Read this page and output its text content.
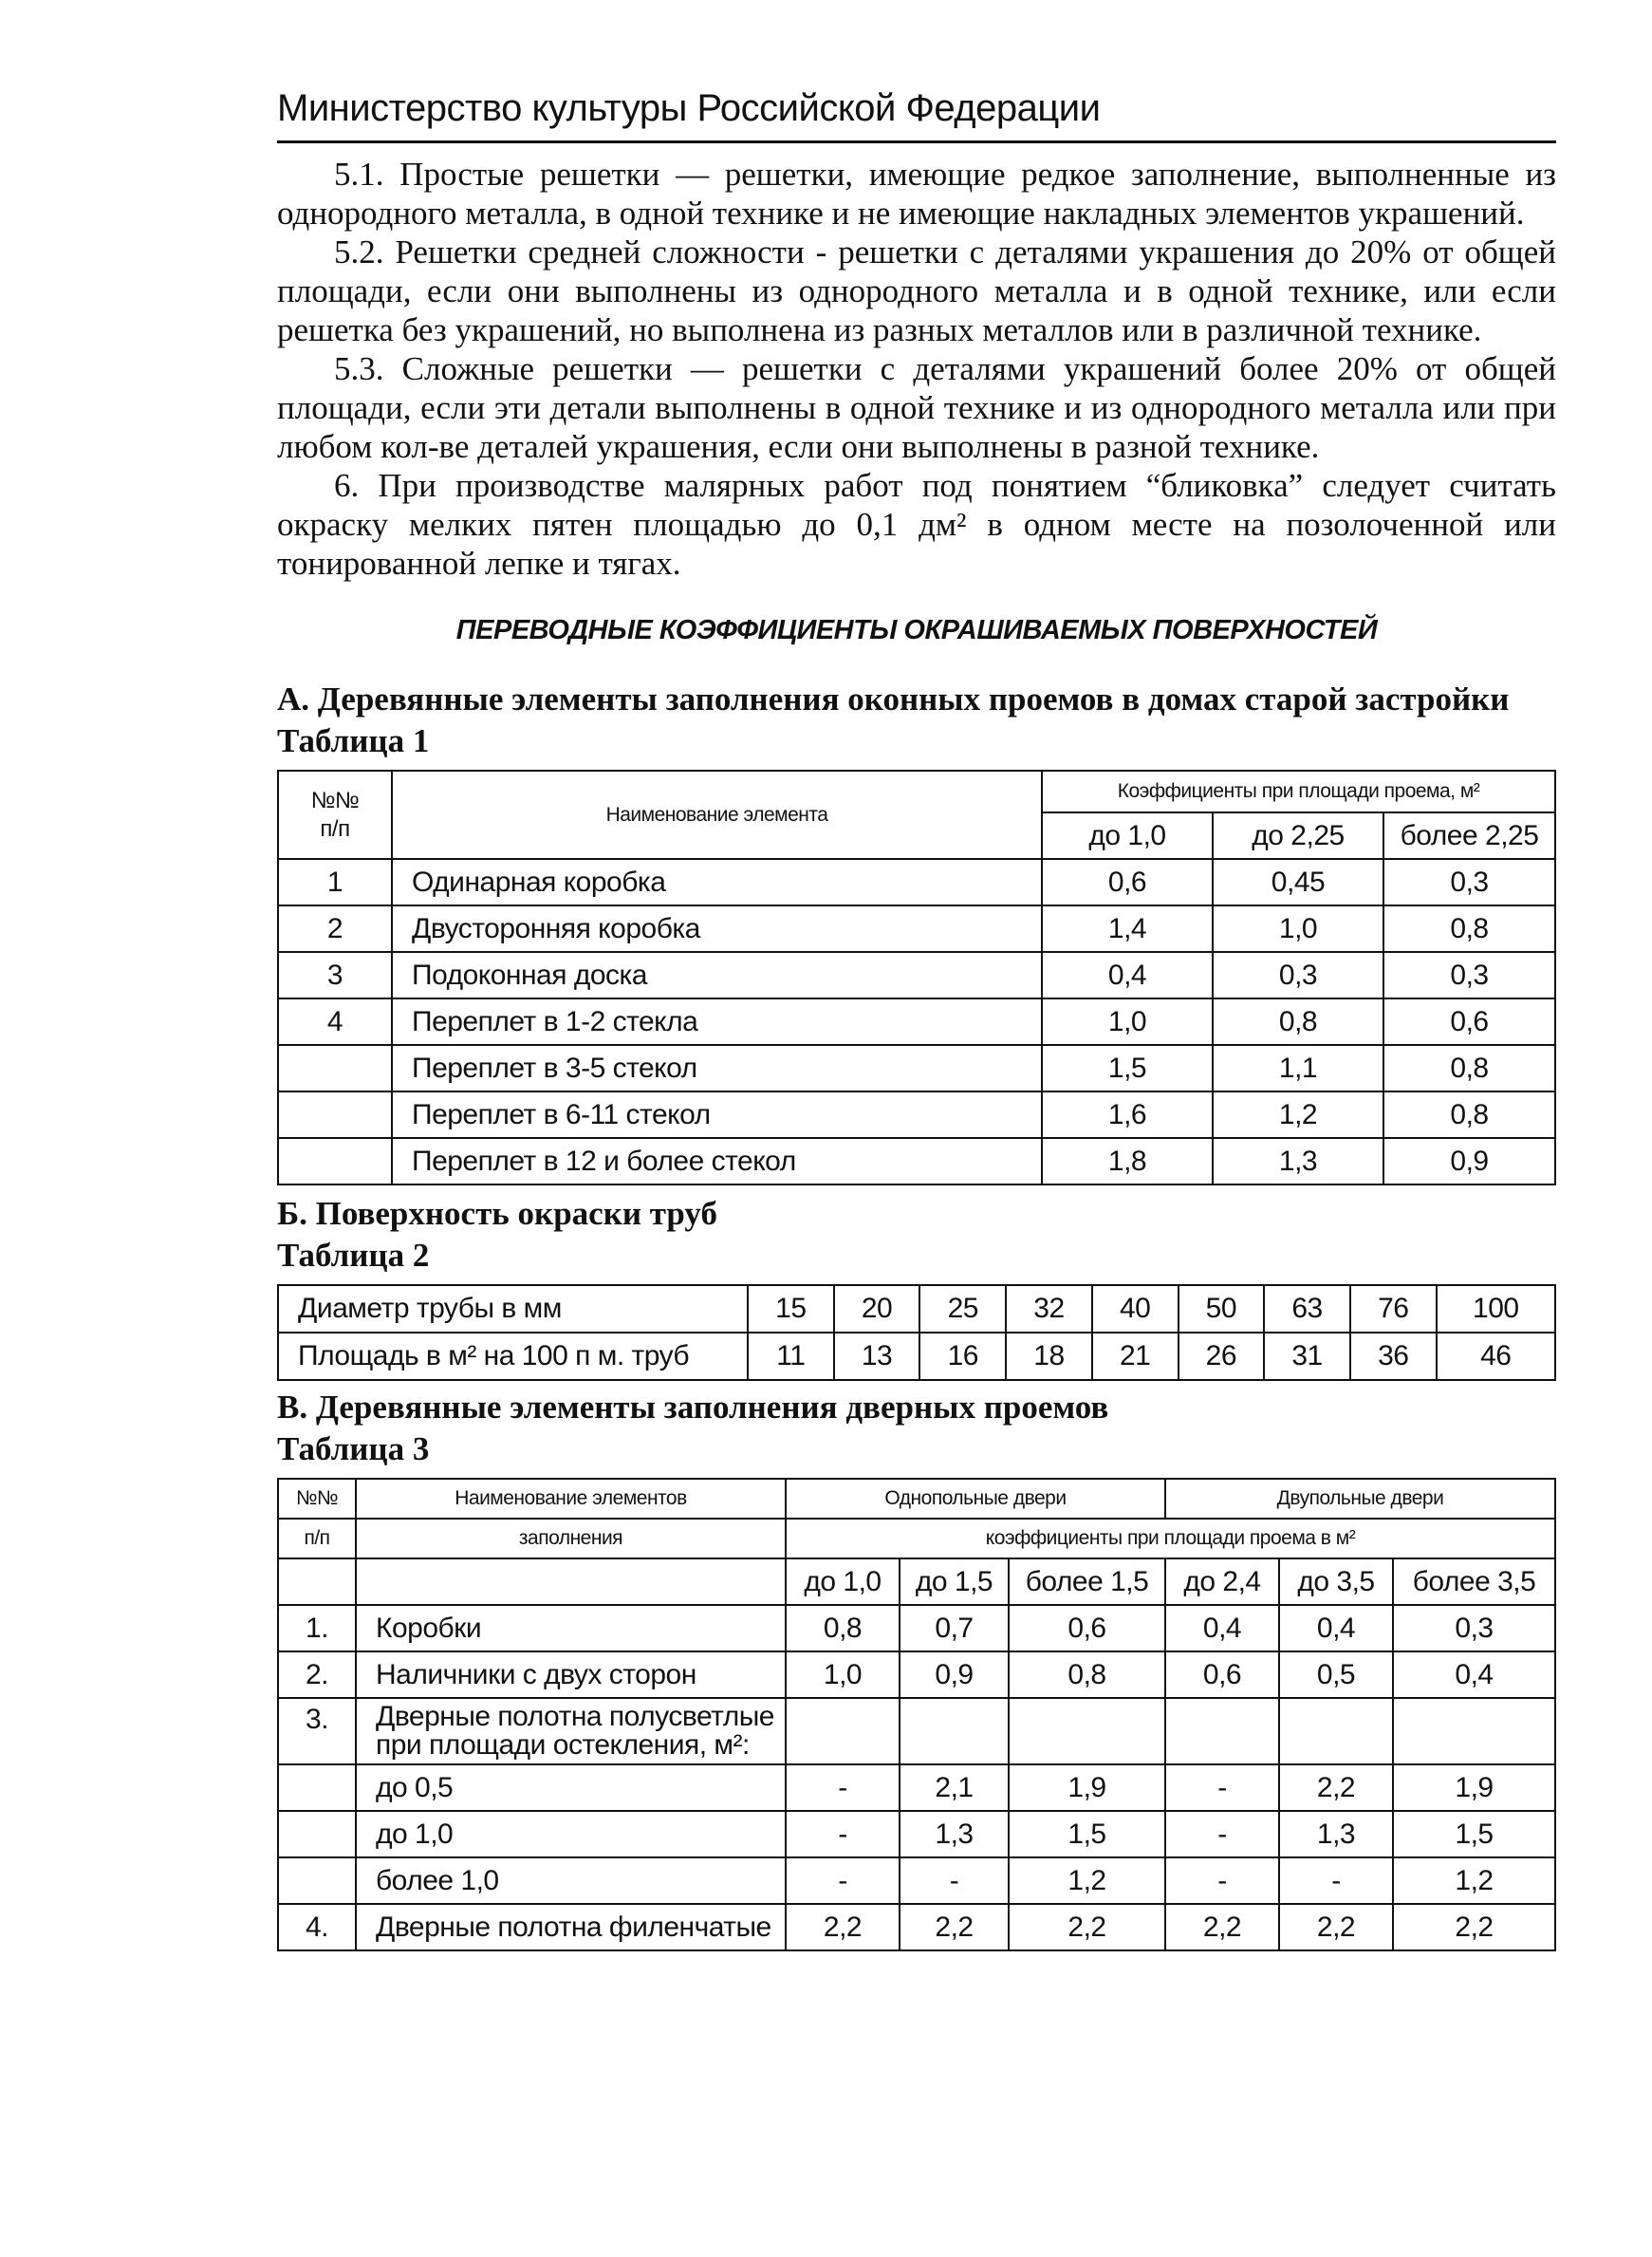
Министерство культуры Российской Федерации

5.1. Простые решетки — решетки, имеющие редкое заполнение, выполненные из однородного металла, в одной технике и не имеющие накладных элементов украшений.

5.2. Решетки средней сложности - решетки с деталями украшения до 20% от общей площади, если они выполнены из однородного металла и в одной технике, или если решетка без украшений, но выполнена из разных металлов или в различной технике.

5.3. Сложные решетки — решетки с деталями украшений более 20% от общей площади, если эти детали выполнены в одной технике и из однородного металла или при любом кол-ве деталей украшения, если они выполнены в разной технике.

6. При производстве малярных работ под понятием “бликовка” следует считать окраску мелких пятен площадью до 0,1 дм² в одном месте на позолоченной или тонированной лепке и тягах.

ПЕРЕВОДНЫЕ КОЭФФИЦИЕНТЫ ОКРАШИВАЕМЫХ ПОВЕРХНОСТЕЙ

А. Деревянные элементы заполнения оконных проемов в домах старой застройки

Таблица 1

№№
п/п	Наименование элемента	Коэффициенты при площади проема, м²		
		до 1,0	до 2,25	более 2,25
1	Одинарная коробка	0,6	0,45	0,3
2	Двусторонняя коробка	1,4	1,0	0,8
3	Подоконная доска	0,4	0,3	0,3
4	Переплет в 1-2 стекла	1,0	0,8	0,6
	Переплет в 3-5 стекол	1,5	1,1	0,8
	Переплет в 6-11 стекол	1,6	1,2	0,8
	Переплет в 12 и более стекол	1,8	1,3	0,9

Б. Поверхность окраски труб

Таблица 2

Диаметр трубы в мм	15	20	25	32	40	50	63	76	100
Площадь в м² на 100 п м. труб	11	13	16	18	21	26	31	36	46

В. Деревянные элементы заполнения дверных проемов

Таблица 3

№№	Наименование элементов	Однопольные двери			Двупольные двери		
п/п	заполнения	коэффициенты при площади проема в м²					
		до 1,0	до 1,5	более 1,5	до 2,4	до 3,5	более 3,5
1.	Коробки	0,8	0,7	0,6	0,4	0,4	0,3
2.	Наличники с двух сторон	1,0	0,9	0,8	0,6	0,5	0,4
3.	Дверные полотна полусветлые при площади остекления, м²:						
	до 0,5	-	2,1	1,9	-	2,2	1,9
	до 1,0	-	1,3	1,5	-	1,3	1,5
	более 1,0	-	-	1,2	-	-	1,2
4.	Дверные полотна филенчатые	2,2	2,2	2,2	2,2	2,2	2,2
